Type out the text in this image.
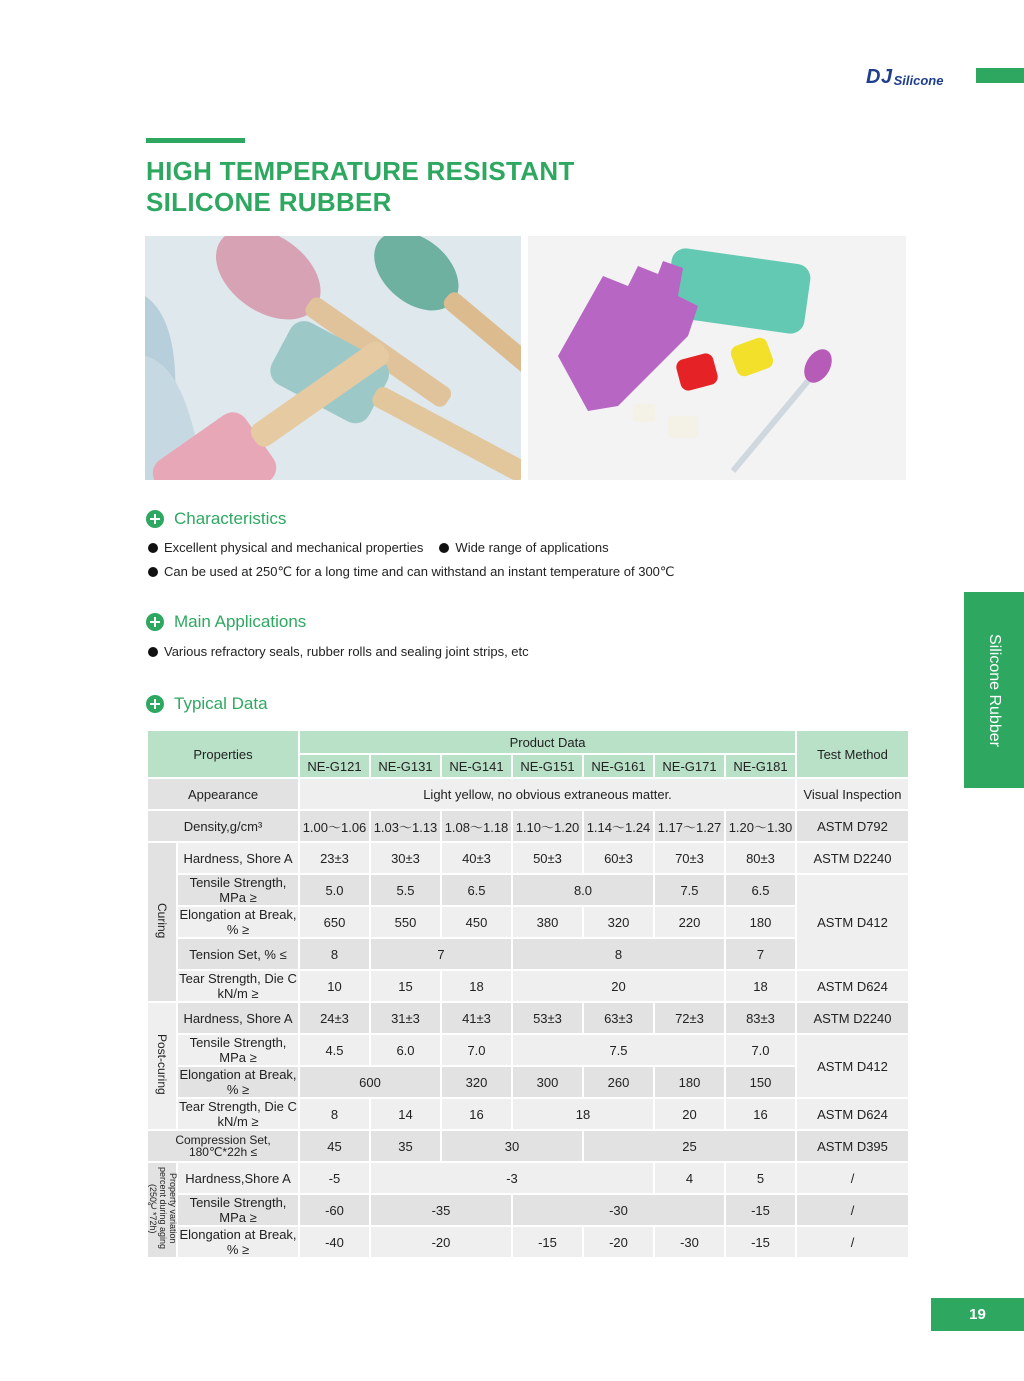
DJ Silicone
HIGH TEMPERATURE RESISTANT
SILICONE RUBBER
Silicone Rubber
Characteristics
Excellent physical and mechanical properties Wide range of applications
Can be used at 250℃ for a long time and can withstand an instant temperature of 300℃
Main Applications
Various refractory seals, rubber rolls and sealing joint strips, etc
Typical Data
Properties		Product Data							Test Method
		NE-G121	NE-G131	NE-G141	NE-G151	NE-G161	NE-G171	NE-G181	
Appearance		Light yellow, no obvious extraneous matter.							Visual Inspection
Density,g/cm³		1.00～1.06	1.03～1.13	1.08～1.18	1.10～1.20	1.14～1.24	1.17～1.27	1.20～1.30	ASTM D792
Curing	Hardness, Shore A	23±3	30±3	40±3	50±3	60±3	70±3	80±3	ASTM D2240
	Tensile Strength, MPa ≥	5.0	5.5	6.5	8.0		7.5	6.5	ASTM D412
	Elongation at Break, % ≥	650	550	450	380	320	220	180	
	Tension Set, % ≤	8	7		8			7	
	Tear Strength, Die C kN/m ≥	10	15	18	20			18	ASTM D624
Post-curing	Hardness, Shore A	24±3	31±3	41±3	53±3	63±3	72±3	83±3	ASTM D2240
	Tensile Strength, MPa ≥	4.5	6.0	7.0	7.5			7.0	ASTM D412
	Elongation at Break, % ≥	600		320	300	260	180	150	
	Tear Strength, Die C kN/m ≥	8	14	16	18		20	16	ASTM D624

Compression Set,
180℃*22h ≤		45	35	30		25			ASTM D395
Property variation
percent during aging
(250℃*72h)	Hardness,Shore A	-5	-3				4	5	/
	Tensile Strength, MPa ≥	-60	-35		-30			-15	/
	Elongation at Break, % ≥	-40	-20		-15	-20	-30	-15	/
19
